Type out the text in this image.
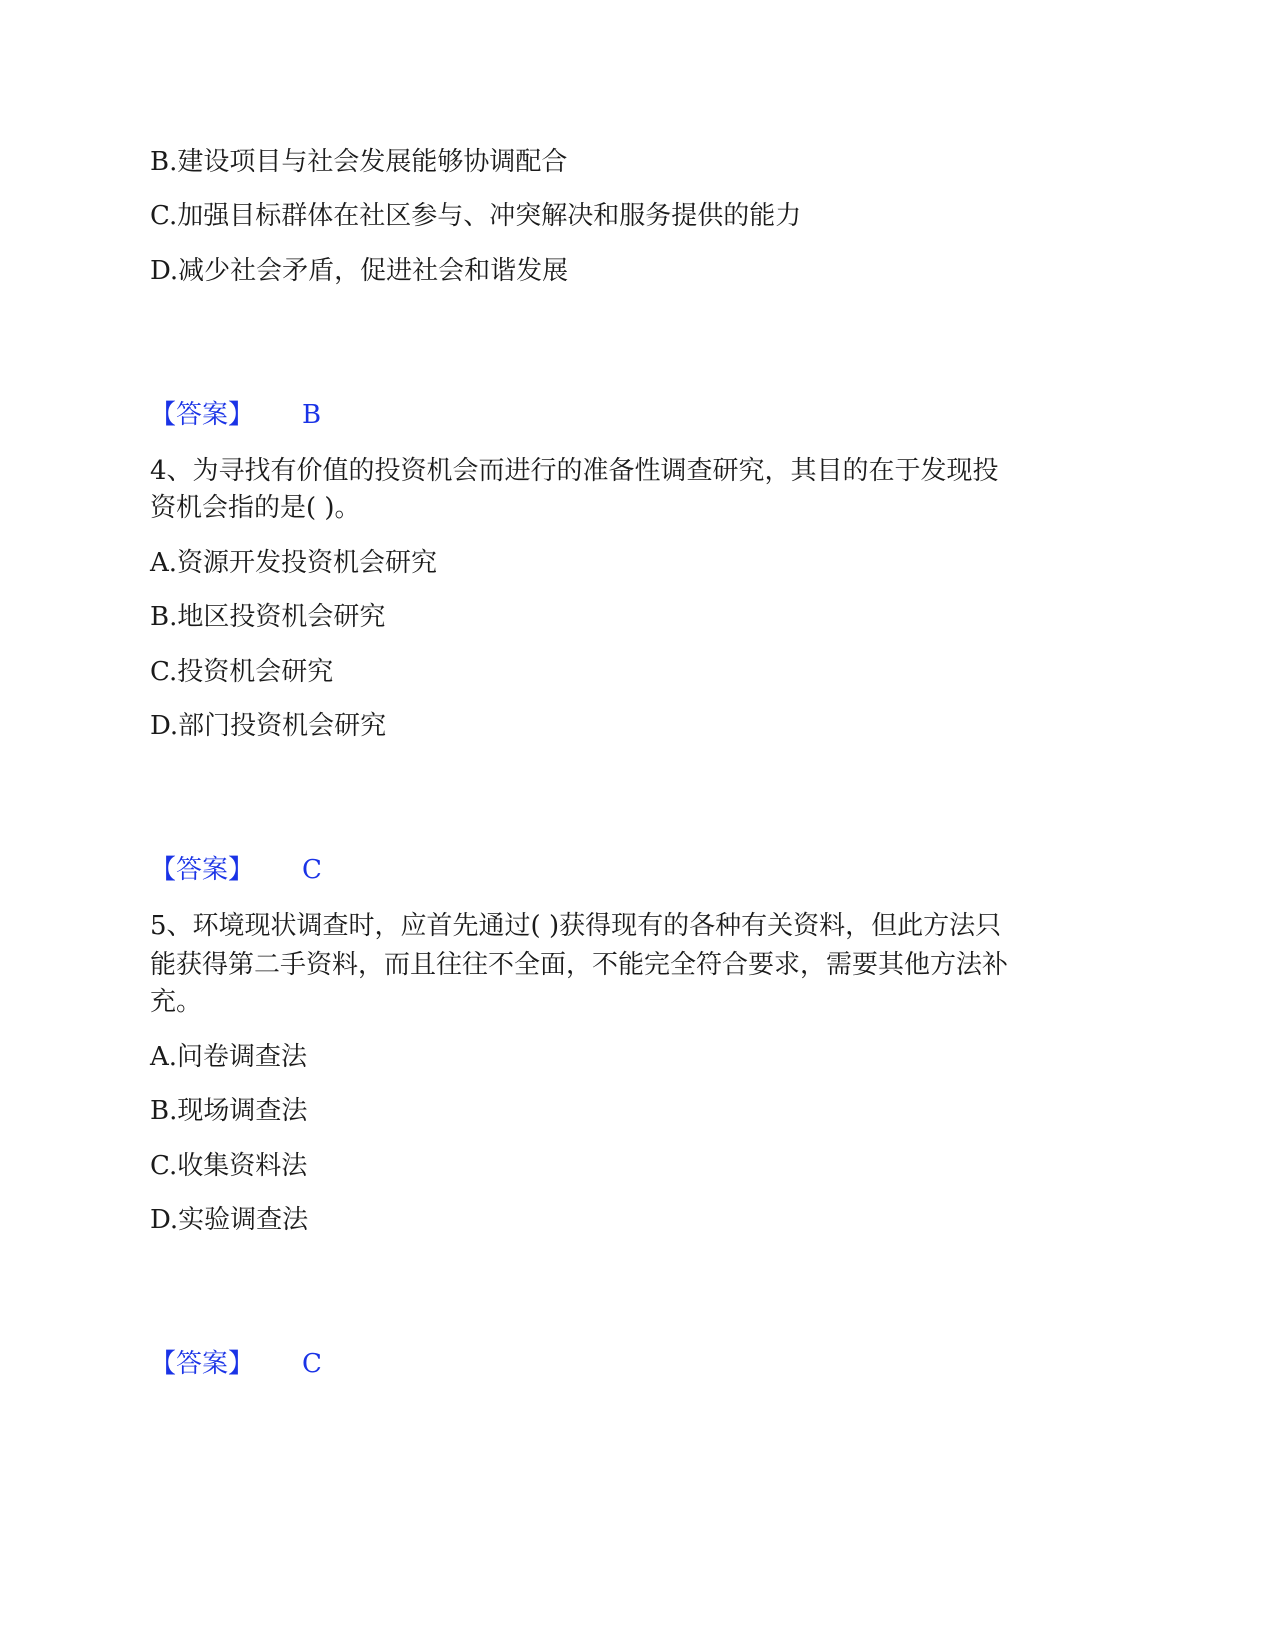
B.建设项目与社会发展能够协调配合
C.加强目标群体在社区参与、冲突解决和服务提供的能力
D.减少社会矛盾，促进社会和谐发展
【答案】 B
4、为寻找有价值的投资机会而进行的准备性调查研究，其目的在于发现投
资机会指的是( )。
A.资源开发投资机会研究
B.地区投资机会研究
C.投资机会研究
D.部门投资机会研究
【答案】 C
5、环境现状调查时，应首先通过( )获得现有的各种有关资料，但此方法只
能获得第二手资料，而且往往不全面，不能完全符合要求，需要其他方法补
充。
A.问卷调查法
B.现场调查法
C.收集资料法
D.实验调查法
【答案】 C
